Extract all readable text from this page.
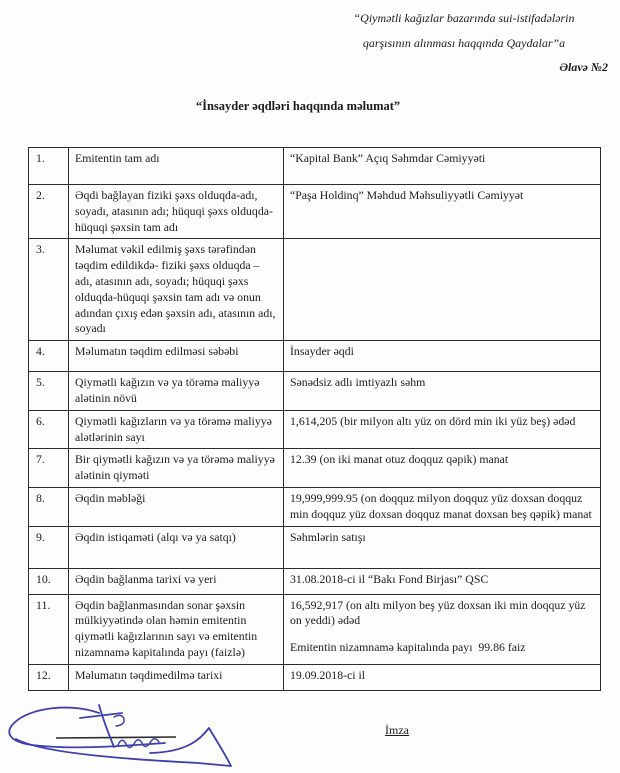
“Qiymətli kağızlar bazarında sui-istifadələrin
qarşısının alınması haqqında Qaydalar”a
Əlavə №2
“İnsayder əqdləri haqqında məlumat”
1.	Emitentin tam adı	“Kapital Bank” Açıq Səhmdar Cəmiyyəti

2.	Əqdi bağlayan fiziki şəxs olduqda-adı, soyadı, atasının adı; hüquqi şəxs olduqda-hüquqi şəxsin tam adı	“Paşa Holdinq” Məhdud Məhsuliyyətli Cəmiyyət

3.	Məlumat vəkil edilmiş şəxs tərəfindən təqdim edildikdə- fiziki şəxs olduqda – adı, atasının adı, soyadı; hüquqi şəxs olduqda-hüquqi şəxsin tam adı və onun adından çıxış edən şəxsin adı, atasının adı, soyadı	

4.	Məlumatın təqdim edilməsi səbəbi	İnsayder əqdi

5.	Qiymətli kağızın və ya törəmə maliyyə alətinin növü	Sənədsiz adlı imtiyazlı səhm

6.	Qiymətli kağızların və ya törəmə maliyyə alətlərinin sayı	1,614,205 (bir milyon altı yüz on dörd min iki yüz beş) ədəd

7.	Bir qiymətli kağızın və ya törəmə maliyyə alətinin qiyməti	12.39 (on iki manat otuz doqquz qəpik) manat

8.	Əqdin məbləği	19,999,999.95 (on doqquz milyon doqquz yüz doxsan doqquz min doqquz yüz doxsan doqquz manat doxsan beş qəpik) manat

9.	Əqdin istiqaməti (alqı və ya satqı)	Səhmlərin satışı

10.	Əqdin bağlanma tarixi və yeri	31.08.2018-ci il “Bakı Fond Birjası” QSC

11.	Əqdin bağlanmasından sonar şəxsin mülkiyyətində olan həmin emitentin qiymətli kağızlarının sayı və emitentin nizamnamə kapitalında payı (faizlə)	16,592,917 (on altı milyon beş yüz doxsan iki min doqquz yüz on yeddi) ədəd
Emitentin nizamnamə kapitalında payı  99.86 faiz

12.	Məlumatın təqdimedilmə tarixi	19.09.2018-ci il
İmza
